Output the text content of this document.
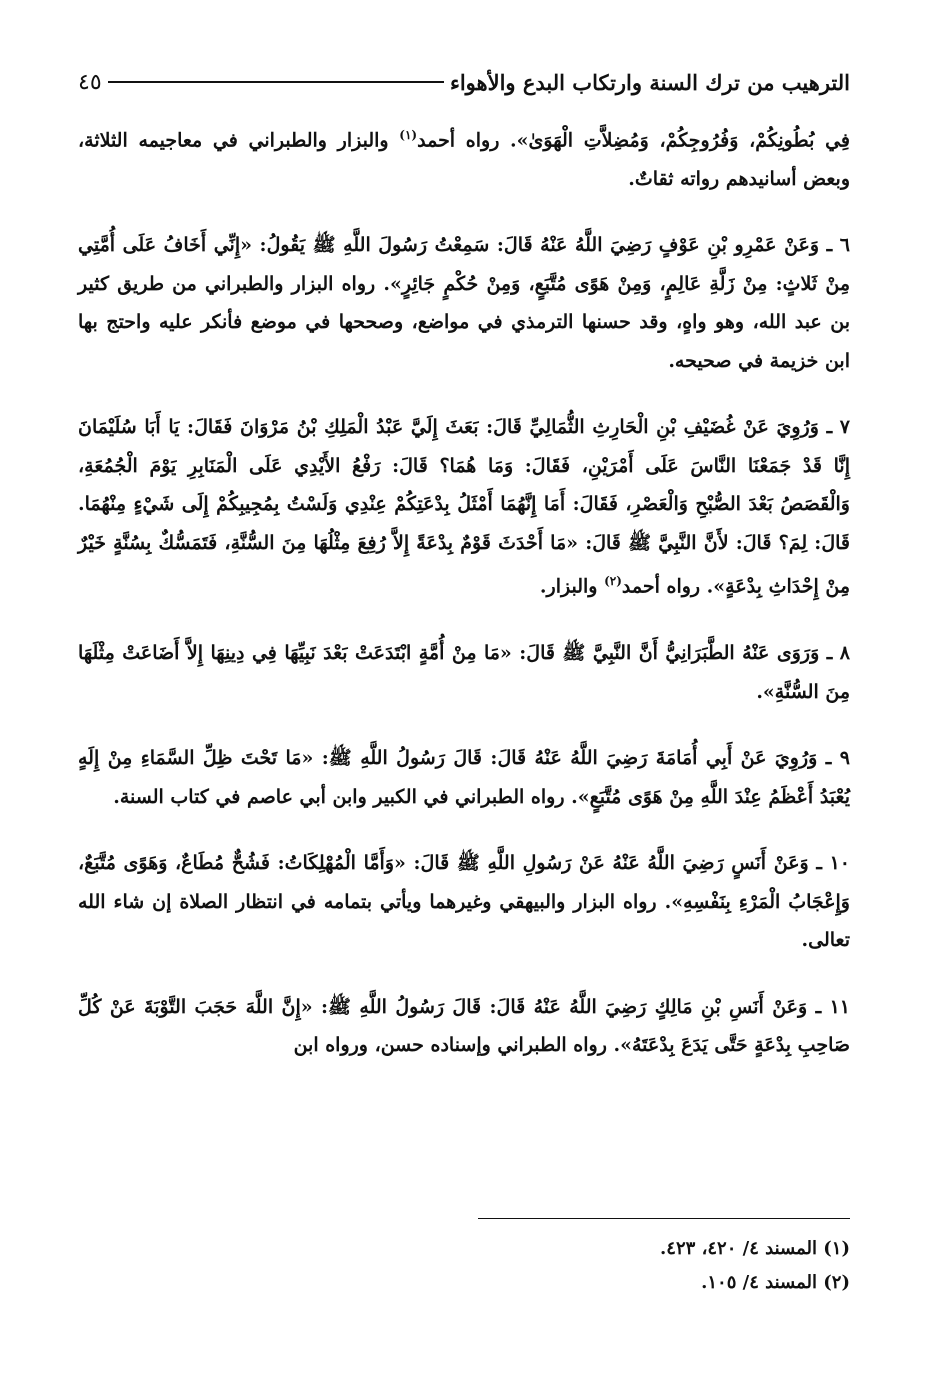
الترهيب من ترك السنة وارتكاب البدع والأهواء
٤٥

فِي بُطُونِكُمْ، وَفُرُوجِكُمْ، وَمُضِلاَّتِ الْهَوَىٰ». رواه أحمد$^{(١)}$ والبزار والطبراني في معاجيمه الثلاثة، وبعض أسانيدهم رواته ثقاتٌ.

٦ ـ وَعَنْ عَمْرِو بْنِ عَوْفٍ رَضِيَ اللَّهُ عَنْهُ قَالَ: سَمِعْتُ رَسُولَ اللَّهِ ﷺ يَقُولُ: «إِنِّي أَخَافُ عَلَى أُمَّتِي مِنْ ثَلاثٍ: مِنْ زَلَّةِ عَالِمٍ، وَمِنْ هَوًى مُتَّبَعٍ، وَمِنْ حُكْمٍ جَائِرٍ». رواه البزار والطبراني من طريق كثير بن عبد الله، وهو واهٍ، وقد حسنها الترمذي في مواضع، وصححها في موضع فأنكر عليه واحتج بها ابن خزيمة في صحيحه.

٧ ـ وَرُوِيَ عَنْ غُضَيْفِ بْنِ الْحَارِثِ الثُّمَالِيِّ قَالَ: بَعَثَ إِلَيَّ عَبْدُ الْمَلِكِ بْنُ مَرْوَانَ فَقَالَ: يَا أَبَا سُلَيْمَانَ إِنَّا قَدْ جَمَعْنَا النَّاسَ عَلَى أَمْرَيْنِ، فَقَالَ: وَمَا هُمَا؟ قَالَ: رَفْعُ الأَيْدِي عَلَى الْمَنَابِرِ يَوْمَ الْجُمُعَةِ، وَالْقَصَصُ بَعْدَ الصُّبْحِ وَالْعَصْرِ، فَقَالَ: أَمَا إِنَّهُمَا أَمْثَلُ بِدْعَتِكُمْ عِنْدِي وَلَسْتُ بِمُجِيبِكُمْ إِلَى شَيْءٍ مِنْهُمَا. قَالَ: لِمَ؟ قَالَ: لأَنَّ النَّبِيَّ ﷺ قَالَ: «مَا أَحْدَثَ قَوْمٌ بِدْعَةً إِلاَّ رُفِعَ مِثْلُهَا مِنَ السُّنَّةِ، فَتَمَسُّكٌ بِسُنَّةٍ خَيْرٌ مِنْ إِحْدَاثِ بِدْعَةٍ». رواه أحمد$^{(٢)}$ والبزار.

٨ ـ وَرَوَى عَنْهُ الطَّبَرَانِيُّ أَنَّ النَّبِيَّ ﷺ قَالَ: «مَا مِنْ أُمَّةٍ ابْتَدَعَتْ بَعْدَ نَبِيِّهَا فِي دِينِهَا إِلاَّ أَضَاعَتْ مِثْلَهَا مِنَ السُّنَّةِ».

٩ ـ وَرُوِيَ عَنْ أَبِي أُمَامَةَ رَضِيَ اللَّهُ عَنْهُ قَالَ: قَالَ رَسُولُ اللَّهِ ﷺ: «مَا تَحْتَ ظِلِّ السَّمَاءِ مِنْ إِلَهٍ يُعْبَدُ أَعْظَمُ عِنْدَ اللَّهِ مِنْ هَوًى مُتَّبَعٍ». رواه الطبراني في الكبير وابن أبي عاصم في كتاب السنة.

١٠ ـ وَعَنْ أَنَسٍ رَضِيَ اللَّهُ عَنْهُ عَنْ رَسُولِ اللَّهِ ﷺ قَالَ: «وَأَمَّا الْمُهْلِكَاتُ: فَشُحٌّ مُطَاعٌ، وَهَوًى مُتَّبَعٌ، وَإِعْجَابُ الْمَرْءِ بِنَفْسِهِ». رواه البزار والبيهقي وغيرهما ويأتي بتمامه في انتظار الصلاة إن شاء الله تعالى.

١١ ـ وَعَنْ أَنَسِ بْنِ مَالِكٍ رَضِيَ اللَّهُ عَنْهُ قَالَ: قَالَ رَسُولُ اللَّهِ ﷺ: «إِنَّ اللَّهَ حَجَبَ التَّوْبَةَ عَنْ كُلِّ صَاحِبِ بِدْعَةٍ حَتَّى يَدَعَ بِدْعَتَهُ». رواه الطبراني وإسناده حسن، ورواه ابن

(١) المسند ٤/ ٤٢٠، ٤٢٣.
(٢) المسند ٤/ ١٠٥.
